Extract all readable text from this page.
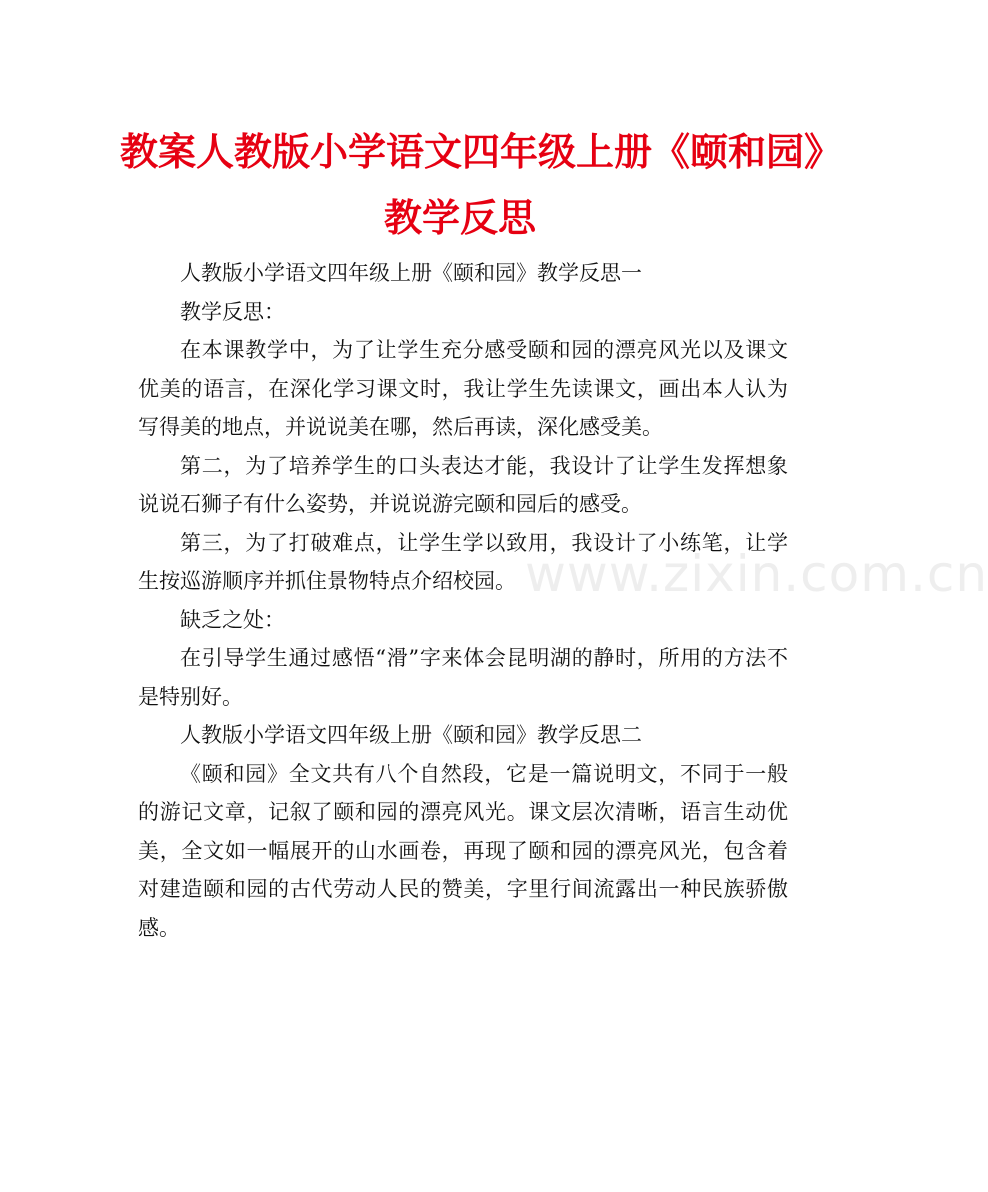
教案人教版小学语文四年级上册《颐和园》
教学反思

人教版小学语文四年级上册《颐和园》教学反思一

教学反思：

在本课教学中，为了让学生充分感受颐和园的漂亮风光以及课文优美的语言，在深化学习课文时，我让学生先读课文，画出本人认为写得美的地点，并说说美在哪，然后再读，深化感受美。

第二，为了培养学生的口头表达才能，我设计了让学生发挥想象说说石狮子有什么姿势，并说说游完颐和园后的感受。

第三，为了打破难点，让学生学以致用，我设计了小练笔，让学生按巡游顺序并抓住景物特点介绍校园。

缺乏之处：

在引导学生通过感悟“滑”字来体会昆明湖的静时，所用的方法不是特别好。

人教版小学语文四年级上册《颐和园》教学反思二

《颐和园》全文共有八个自然段，它是一篇说明文，不同于一般的游记文章，记叙了颐和园的漂亮风光。课文层次清晰，语言生动优美，全文如一幅展开的山水画卷，再现了颐和园的漂亮风光，包含着对建造颐和园的古代劳动人民的赞美，字里行间流露出一种民族骄傲感。

www.zixin.com.cn
